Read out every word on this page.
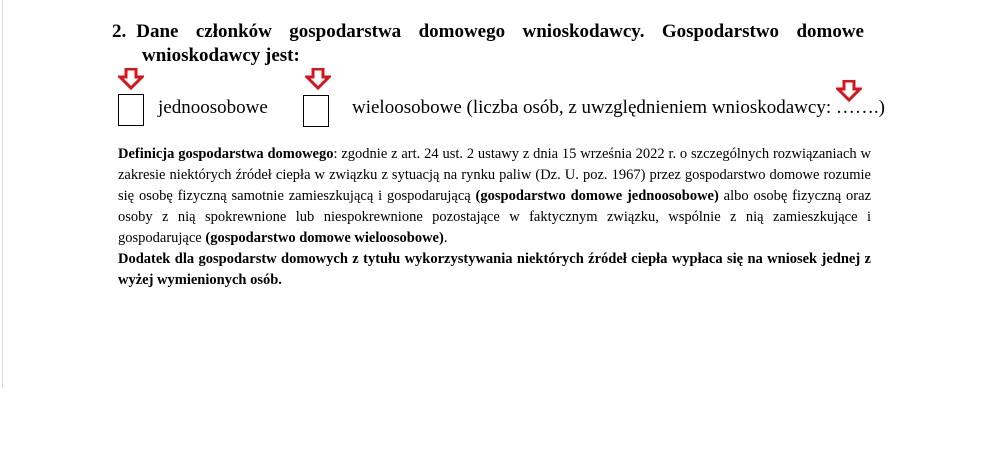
2. Dane członków gospodarstwa domowego wnioskodawcy. Gospodarstwo domowe
wnioskodawcy jest:
jednoosobowe	wieloosobowe (liczba osób, z uwzględnieniem wnioskodawcy: …….)

Definicja gospodarstwa domowego: zgodnie z art. 24 ust. 2 ustawy z dnia 15 września 2022 r. o szczególnych rozwiązaniach w zakresie niektórych źródeł ciepła w związku z sytuacją na rynku paliw (Dz. U. poz. 1967) przez gospodarstwo domowe rozumie się osobę fizyczną samotnie zamieszkującą i gospodarującą (gospodarstwo domowe jednoosobowe) albo osobę fizyczną oraz osoby z nią spokrewnione lub niespokrewnione pozostające w faktycznym związku, wspólnie z nią zamieszkujące i gospodarujące (gospodarstwo domowe wieloosobowe).

Dodatek dla gospodarstw domowych z tytułu wykorzystywania niektórych źródeł ciepła wypłaca się na wniosek jednej z wyżej wymienionych osób.
